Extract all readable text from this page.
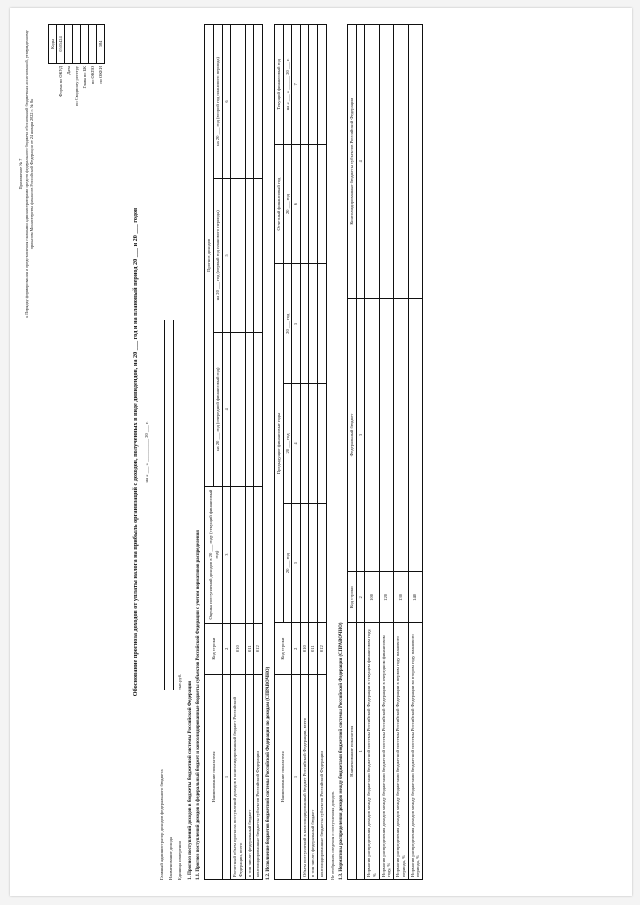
Приложение № 7 к Порядку формирования и представления главными администраторами средств федерального бюджета обоснований бюджетных ассигнований, утвержденному приказом Министерства финансов Российской Федерации от 24 января 2022 г. № 8н
	Коды
Форма по ОКУД	0505424
Дата	
по Сводному реестру	
Глава по БК	
по ОКПО	
по ОКЕИ	384
Обоснование прогноза доходов от уплаты налога на прибыль организаций с доходов, полученных в виде дивидендов, на 20 ___ год и на плановый период 20 ___ и 20 ___ годов на « ___ » __________ 20 ___ г.
Главный администратор доходов федерального бюджета Наименование дохода Единица измерения
тыс.руб. 1. Прогноз поступлений доходов в бюджеты бюджетной системы Российской Федерации 1.1. Прогноз поступлений доходов в федеральный бюджет и консолидированные бюджеты субъектов Российской Федерации с учетом нормативов распределения Наименование показателя	Код строки	Оценка поступлений доходов в 20 ___ году (текущий финансовый год)	Прогноз доходов		
			на 20 ___ год (очередной финансовый год)	на 20 ___ год (первый год планового периода)	на 20 ___ год (второй год планового периода)
1	2	3	4	5	6
Расчетный объем прогноза поступлений доходов в консолидированный бюджет Российской Федерации, всего	010				
в том числе: федеральный бюджет	011				
консолидированные бюджеты субъектов Российской Федерации	012				
1.2. Исполнение бюджетов бюджетной системы Российской Федерации по доходам (СПРАВОЧНО) Наименование показателя	Код строки	Предыдущие финансовые годы			Отчетный финансовый год	Текущий финансовый год
		20 ___ год	20 ___ год	20 ___ год	20 ___ год	на « ___ » ______ 20 ___ г.
1	2	3	4	5	6	7
Объем поступлений в консолидированный бюджет Российской Федерации, всего	010					
в том числе: федеральный бюджет	011					
консолидированные бюджеты субъектов Российской Федерации	012					
Не отображать сведения о поступлениях доходов. 1.3. Нормативы распределения доходов между бюджетами бюджетной системы Российской Федерации (СПРАВОЧНО) Наименование показателя	Код строки	Федеральный бюджет	Консолидированные бюджеты субъектов Российской Федерации
1	2	3	4
Норматив распределения доходов между бюджетами бюджетной системы Российской Федерации в текущем финансовом году, %	100		
Норматив распределения доходов между бюджетами бюджетной системы Российской Федерации в очередном финансовом году, %	120		
Норматив распределения доходов между бюджетами бюджетной системы Российской Федерации в первом году планового периода, %	130		
Норматив распределения доходов между бюджетами бюджетной системы Российской Федерации во втором году планового периода, %	140		
